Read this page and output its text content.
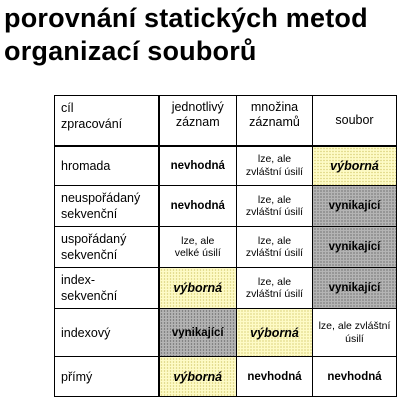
porovnání statických metod organizací souborů
cíl zpracování	jednotlivý záznam	množina záznamů	soubor
hromada	nevhodná	lze, ale zvláštní úsilí	výborná
neuspořádaný sekvenční	nevhodná	lze, ale zvláštní úsilí	vynikající
uspořádaný sekvenční	lze, ale velké úsilí	lze, ale zvláštní úsilí	vynikající
index-sekvenční	výborná	lze, ale zvláštní úsilí	vynikající
indexový	vynikající	výborná	lze, ale zvláštní úsilí
přímý	výborná	nevhodná	nevhodná
